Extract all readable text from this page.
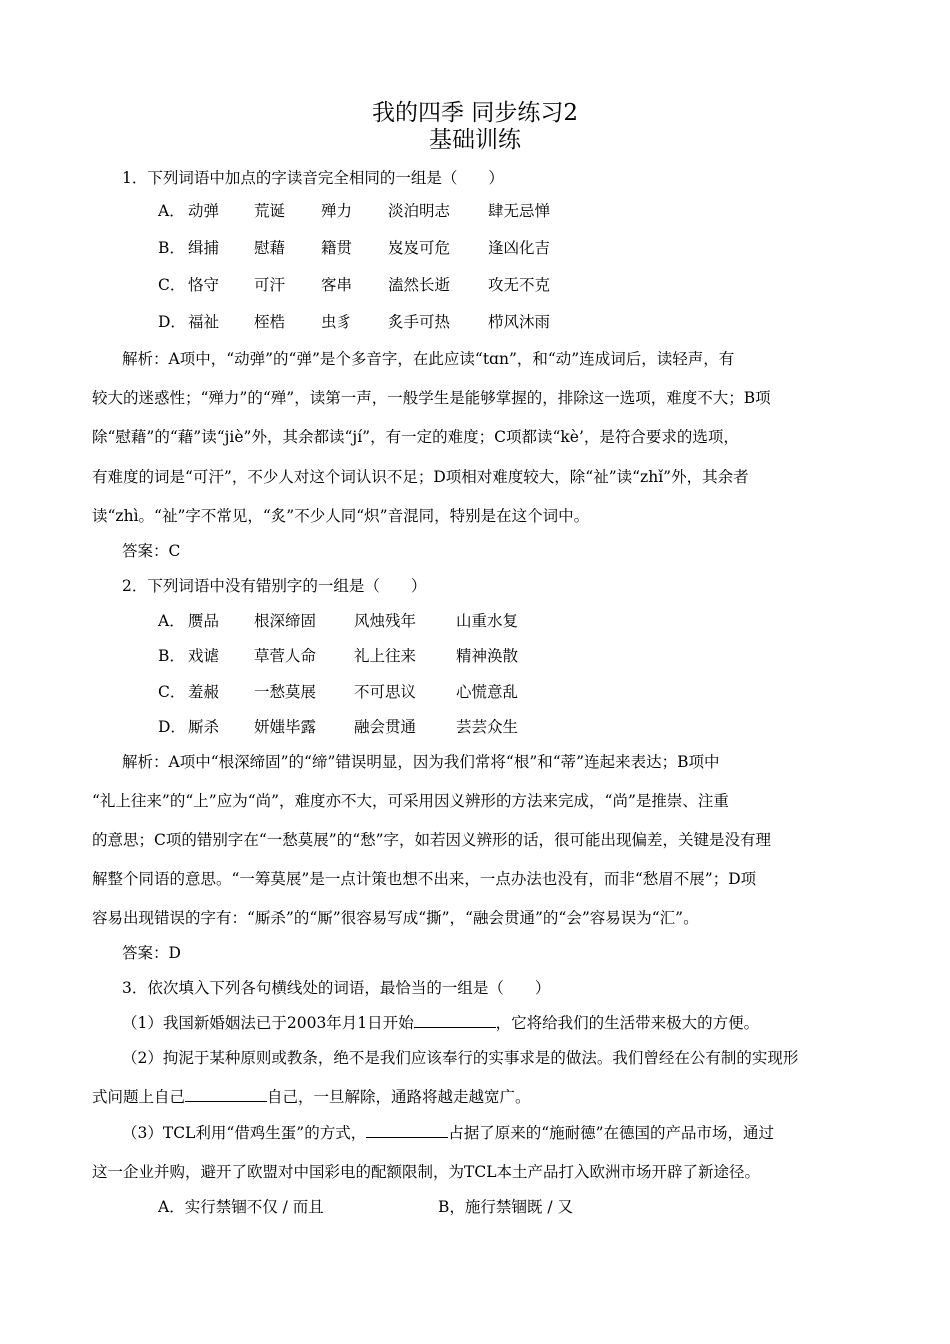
我的四季 同步练习2
基础训练
1．下列词语中加点的字读音完全相同的一组是（　　）
A． 动弹 荒诞 殚力 淡泊明志 肆无忌惮
B． 缉捕 慰藉 籍贯 岌岌可危 逢凶化吉
C． 恪守 可汗 客串 溘然长逝 攻无不克
D． 福祉 桎梏 虫豸 炙手可热 栉风沐雨
解析：A项中，“动弹”的“弹”是个多音字，在此应读“tɑn”，和“动”连成词后，读轻声，有
较大的迷惑性；“殚力”的“殚”，读第一声，一般学生是能够掌握的，排除这一选项，难度不大；B项
除“慰藉”的“藉”读“jiè”外，其余都读“jí”，有一定的难度；C项都读“kè’，是符合要求的选项，
有难度的词是“可汗”，不少人对这个词认识不足；D项相对难度较大，除“祉”读“zhǐ”外，其余者
读“zhì。“祉”字不常见，“炙”不少人同“炽”音混同，特别是在这个词中。
答案：C
2．下列词语中没有错别字的一组是（　　）
A． 赝品 根深缔固 风烛残年	山重水复
B． 戏谑 草菅人命 礼上往来	精神涣散
C． 羞赧 一愁莫展 不可思议	心慌意乱
D． 厮杀 妍媸毕露 融会贯通	芸芸众生
解析：A项中“根深缔固”的“缔”错误明显，因为我们常将“根”和“蒂”连起来表达；B项中
“礼上往来”的“上”应为“尚”，难度亦不大，可采用因义辨形的方法来完成，“尚”是推崇、注重
的意思；C项的错别字在“一愁莫展”的“愁”字，如若因义辨形的话，很可能出现偏差，关键是没有理
解整个同语的意思。“一筹莫展”是一点计策也想不出来，一点办法也没有，而非“愁眉不展”；D项
容易出现错误的字有：“厮杀”的“厮”很容易写成“撕”，“融会贯通”的“会”容易误为“汇”。
答案：D
3．依次填入下列各句横线处的词语，最恰当的一组是（　　）
（1）我国新婚姻法已于2003年月1日开始	，它将给我们的生活带来极大的方便。
（2）拘泥于某种原则或教条，绝不是我们应该奉行的实事求是的做法。我们曾经在公有制的实现形
式问题上自己	自己，一旦解除，通路将越走越宽广。
（3）TCL利用“借鸡生蛋”的方式，	占据了原来的“施耐德”在德国的产品市场，通过
这一企业并购，避开了欧盟对中国彩电的配额限制，为TCL本土产品打入欧洲市场开辟了新途径。
A．实行禁锢不仅 / 而且	B，施行禁锢既 / 又
